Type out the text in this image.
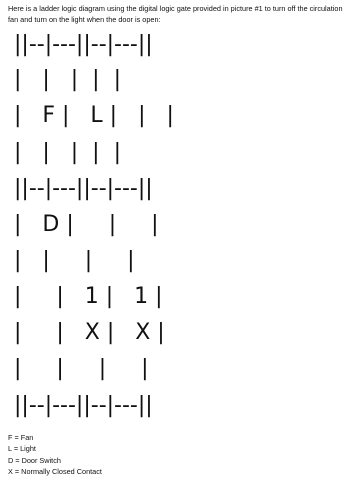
Here is a ladder logic diagram using the digital logic gate provided in picture #1 to turn off the circulation fan and turn on the light when the door is open:

||--|---||--|---||
|   |   |  |  |
|   F |   L |   |   |
|   |   |  |  |
||--|---||--|---||
|   D |     |     |
|   |     |     |
|     |   1 |   1 |
|     |   X |   X |
|     |     |     |
||--|---||--|---||
F = Fan
L = Light
D = Door Switch
X = Normally Closed Contact
